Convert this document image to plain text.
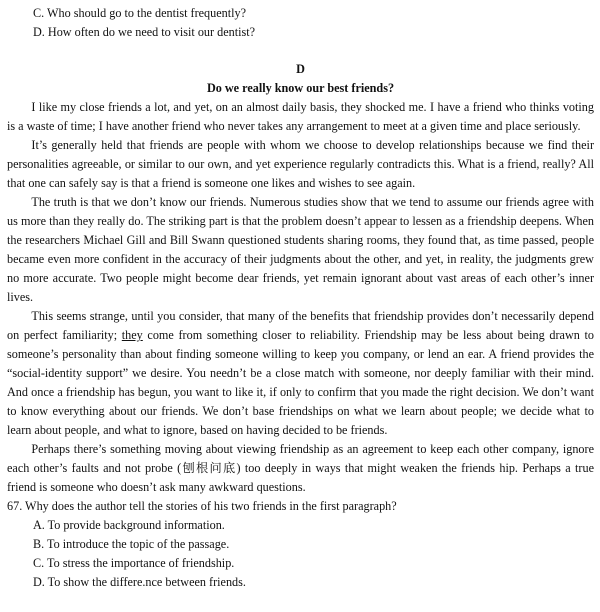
C. Who should go to the dentist frequently?

D. How often do we need to visit our dentist?

D

Do we really know our best friends?

I like my close friends a lot, and yet, on an almost daily basis, they shocked me. I have a friend who thinks voting is a waste of time; I have another friend who never takes any arrangement to meet at a given time and place seriously.

It’s generally held that friends are people with whom we choose to develop relationships because we find their personalities agreeable, or similar to our own, and yet experience regularly contradicts this. What is a friend, really? All that one can safely say is that a friend is someone one likes and wishes to see again.

The truth is that we don’t know our friends. Numerous studies show that we tend to assume our friends agree with us more than they really do. The striking part is that the problem doesn’t appear to lessen as a friendship deepens. When the researchers Michael Gill and Bill Swann questioned students sharing rooms, they found that, as time passed, people became even more confident in the accuracy of their judgments about the other, and yet, in reality, the judgments grew no more accurate. Two people might become dear friends, yet remain ignorant about vast areas of each other’s inner lives.

This seems strange, until you consider, that many of the benefits that friendship provides don’t necessarily depend on perfect familiarity; they come from something closer to reliability. Friendship may be less about being drawn to someone’s personality than about finding someone willing to keep you company, or lend an ear. A friend provides the “social-identity support” we desire. You needn’t be a close match with someone, nor deeply familiar with their mind. And once a friendship has begun, you want to like it, if only to confirm that you made the right decision. We don’t want to know everything about our friends. We don’t base friendships on what we learn about people; we decide what to learn about people, and what to ignore, based on having decided to be friends.

Perhaps there’s something moving about viewing friendship as an agreement to keep each other company, ignore each other’s faults and not probe (刨根问底) too deeply in ways that might weaken the friends hip. Perhaps a true friend is someone who doesn’t ask many awkward questions.

67. Why does the author tell the stories of his two friends in the first paragraph?

A. To provide background information.

B. To introduce the topic of the passage.

C. To stress the importance of friendship.

D. To show the differe.nce between friends.
